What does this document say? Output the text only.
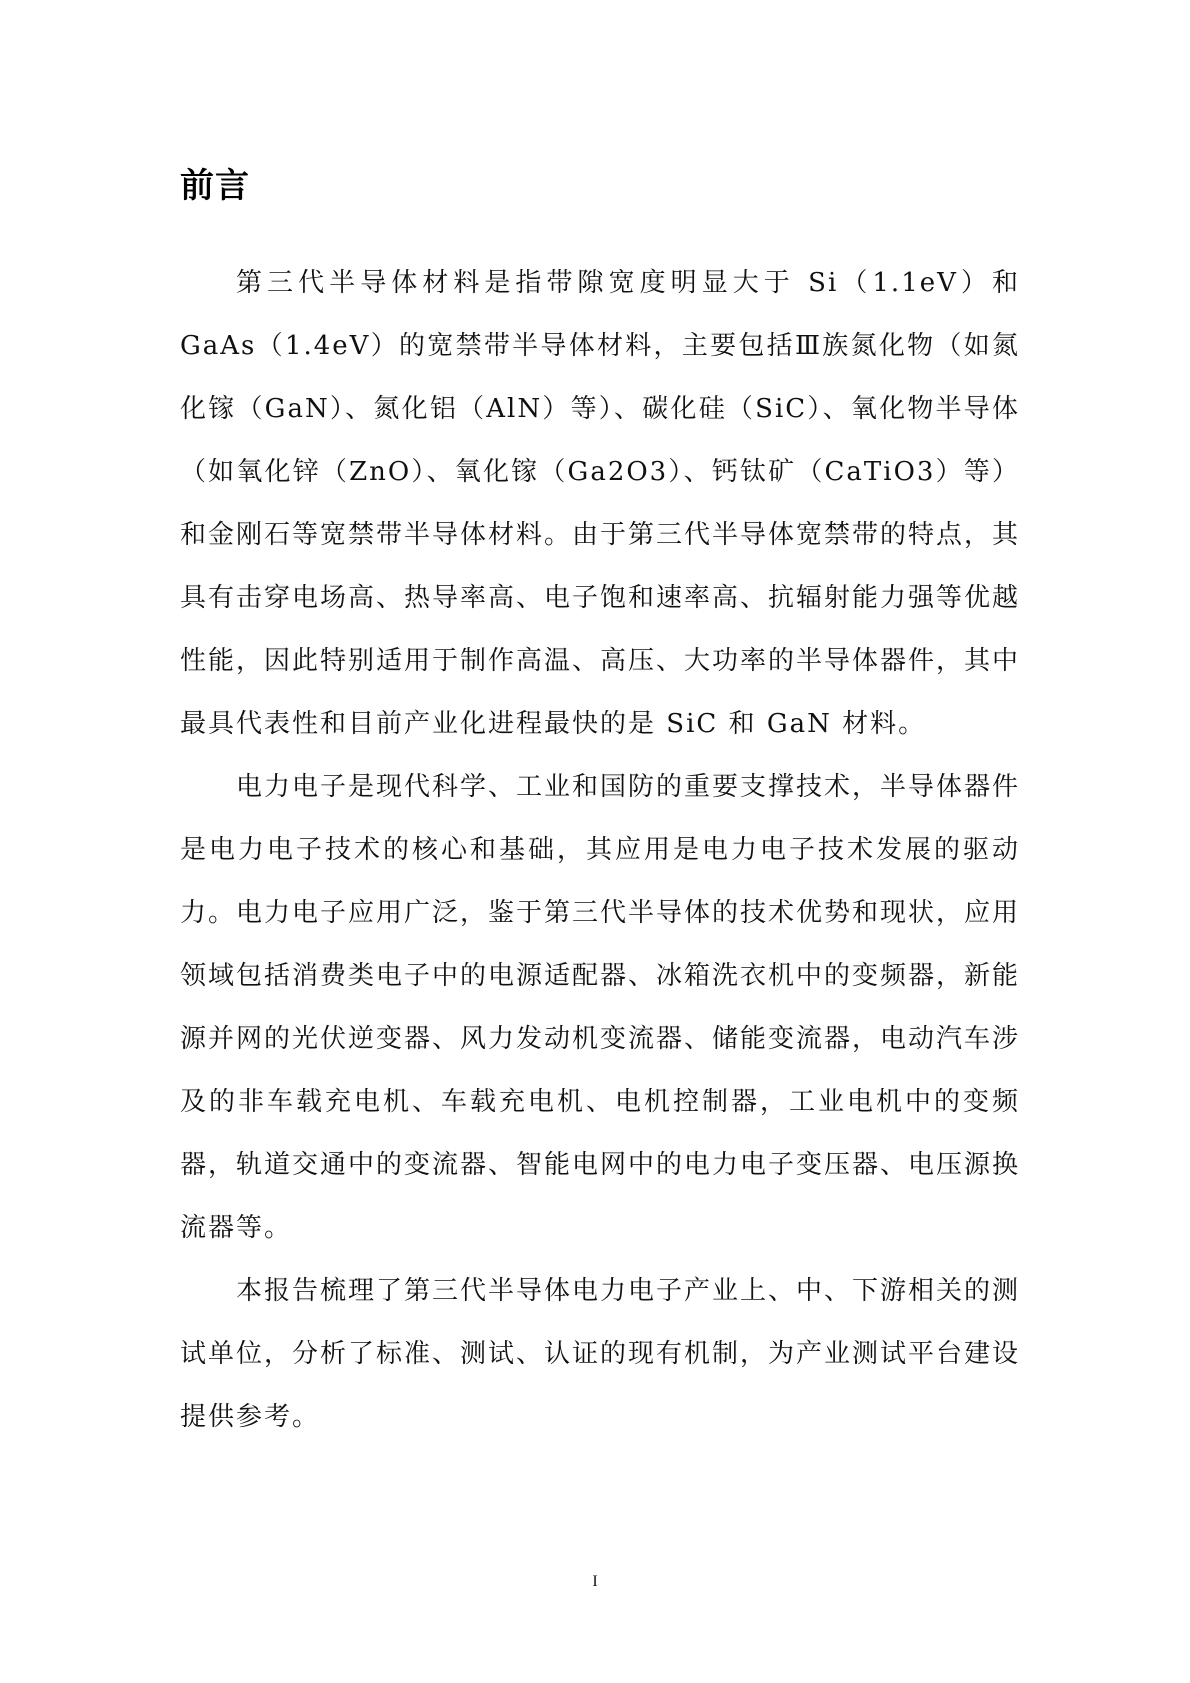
前言

第三代半导体材料是指带隙宽度明显大于 Si（1.1eV）和 GaAs（1.4eV）的宽禁带半导体材料，主要包括Ⅲ族氮化物（如氮化镓（GaN）、氮化铝（AlN）等）、碳化硅（SiC）、氧化物半导体（如氧化锌（ZnO）、氧化镓（Ga2O3）、钙钛矿（CaTiO3）等）和金刚石等宽禁带半导体材料。由于第三代半导体宽禁带的特点，其具有击穿电场高、热导率高、电子饱和速率高、抗辐射能力强等优越性能，因此特别适用于制作高温、高压、大功率的半导体器件，其中最具代表性和目前产业化进程最快的是 SiC 和 GaN 材料。

电力电子是现代科学、工业和国防的重要支撑技术，半导体器件是电力电子技术的核心和基础，其应用是电力电子技术发展的驱动力。电力电子应用广泛，鉴于第三代半导体的技术优势和现状，应用领域包括消费类电子中的电源适配器、冰箱洗衣机中的变频器，新能源并网的光伏逆变器、风力发动机变流器、储能变流器，电动汽车涉及的非车载充电机、车载充电机、电机控制器，工业电机中的变频器，轨道交通中的变流器、智能电网中的电力电子变压器、电压源换流器等。

本报告梳理了第三代半导体电力电子产业上、中、下游相关的测试单位，分析了标准、测试、认证的现有机制，为产业测试平台建设提供参考。

I
